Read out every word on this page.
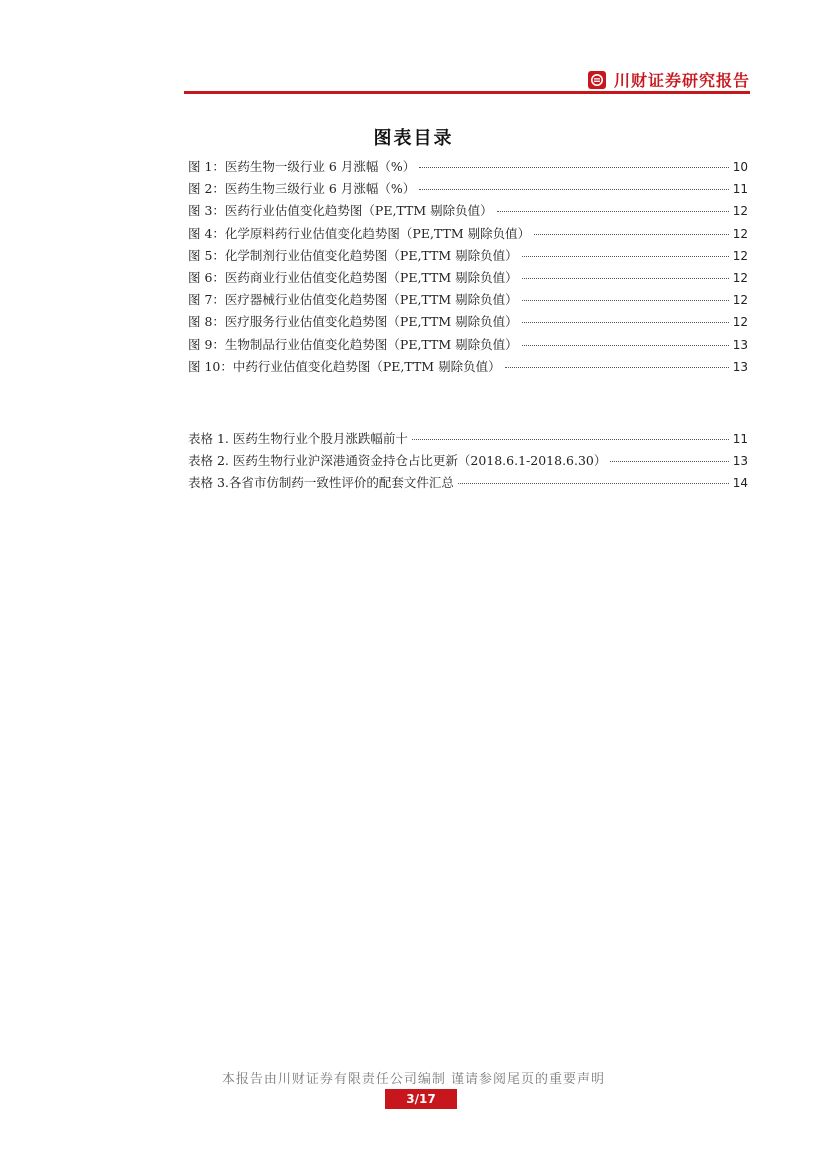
川财证券研究报告
图表目录
图 1：医药生物一级行业 6 月涨幅（%）	10
图 2：医药生物三级行业 6 月涨幅（%）	11
图 3：医药行业估值变化趋势图（PE,TTM 剔除负值）	12
图 4：化学原料药行业估值变化趋势图（PE,TTM 剔除负值）	12
图 5：化学制剂行业估值变化趋势图（PE,TTM 剔除负值）	12
图 6：医药商业行业估值变化趋势图（PE,TTM 剔除负值）	12
图 7：医疗器械行业估值变化趋势图（PE,TTM 剔除负值）	12
图 8：医疗服务行业估值变化趋势图（PE,TTM 剔除负值）	12
图 9：生物制品行业估值变化趋势图（PE,TTM 剔除负值）	13
图 10：中药行业估值变化趋势图（PE,TTM 剔除负值）	13
表格 1. 医药生物行业个股月涨跌幅前十	11
表格 2. 医药生物行业沪深港通资金持仓占比更新（2018.6.1-2018.6.30）	13
表格 3.各省市仿制药一致性评价的配套文件汇总	14
本报告由川财证券有限责任公司编制 谨请参阅尾页的重要声明
3/17
